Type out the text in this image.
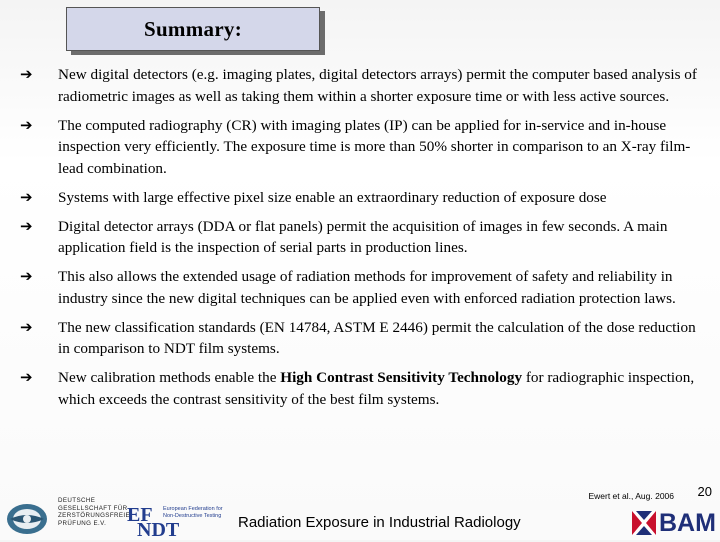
Summary:
➔ New digital detectors (e.g. imaging plates, digital detectors arrays) permit the computer based analysis of radiometric images as well as taking them within a shorter exposure time or with less active sources.
➔ The computed radiography (CR) with imaging plates (IP) can be applied for in-service and in-house inspection very efficiently. The exposure time is more than 50% shorter in comparison to an X-ray film-lead combination.
➔ Systems with large effective pixel size enable an extraordinary reduction of exposure dose
➔ Digital detector arrays (DDA or flat panels) permit the acquisition of images in few seconds. A main application field is the inspection of serial parts in production lines.
➔ This also allows the extended usage of radiation methods for improvement of safety and reliability in industry since the new digital techniques can be applied even with enforced radiation protection laws.
➔ The new classification standards (EN 14784, ASTM E 2446) permit the calculation of the dose reduction in comparison to NDT film systems.
➔ New calibration methods enable the High Contrast Sensitivity Technology for radiographic inspection, which exceeds the contrast sensitivity of the best film systems.
Ewert et al., Aug. 2006 20
Radiation Exposure in Industrial Radiology
DEUTSCHE
GESELLSCHAFT FÜR
ZERSTÖRUNGSFREIE
PRÜFUNG E.V.	EF
NDT
European Federation for
Non-Destructive Testing	BAM
